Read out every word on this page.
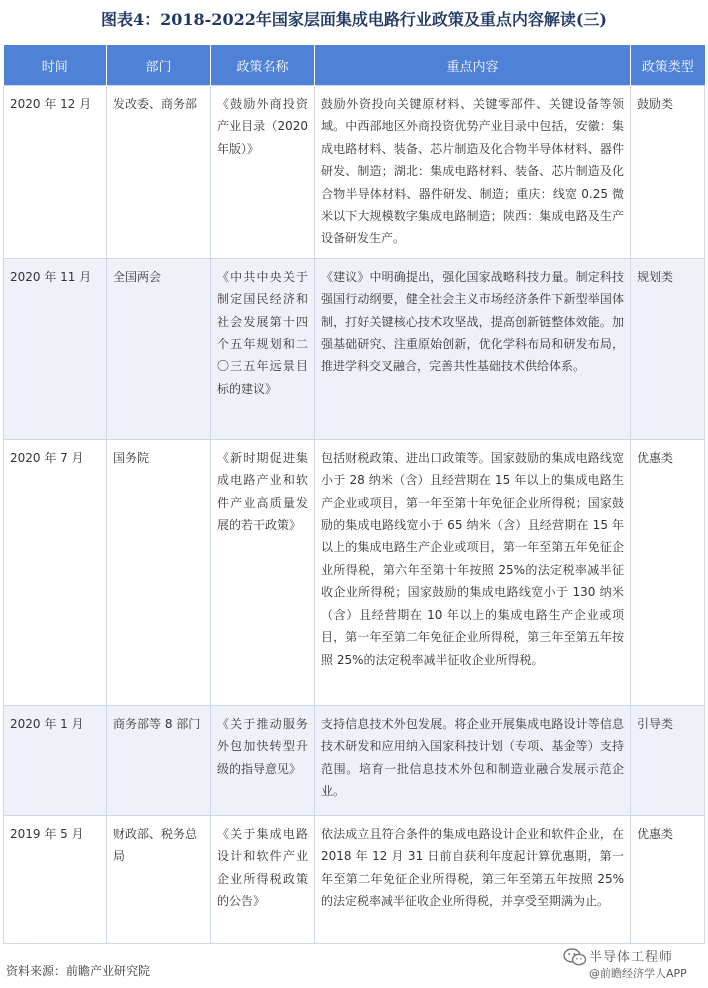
图表4：2018-2022年国家层面集成电路行业政策及重点内容解读(三)
时间	部门	政策名称	重点内容	政策类型
2020 年 12 月	发改委、商务部	《鼓励外商投资产业目录（2020 年版）》	鼓励外资投向关键原材料、关键零部件、关键设备等领域。中西部地区外商投资优势产业目录中包括，安徽：集成电路材料、装备、芯片制造及化合物半导体材料、器件研发、制造；湖北：集成电路材料、装备、芯片制造及化合物半导体材料、器件研发、制造；重庆：线宽 0.25 微米以下大规模数字集成电路制造；陕西：集成电路及生产设备研发生产。	鼓励类
2020 年 11 月	全国两会	《中共中央关于制定国民经济和社会发展第十四个五年规划和二〇三五年远景目标的建议》	《建议》中明确提出，强化国家战略科技力量。制定科技强国行动纲要，健全社会主义市场经济条件下新型举国体制，打好关键核心技术攻坚战，提高创新链整体效能。加强基础研究、注重原始创新，优化学科布局和研发布局，推进学科交叉融合，完善共性基础技术供给体系。	规划类
2020 年 7 月	国务院	《新时期促进集成电路产业和软件产业高质量发展的若干政策》	包括财税政策、进出口政策等。国家鼓励的集成电路线宽小于 28 纳米（含）且经营期在 15 年以上的集成电路生产企业或项目，第一年至第十年免征企业所得税；国家鼓励的集成电路线宽小于 65 纳米（含）且经营期在 15 年以上的集成电路生产企业或项目，第一年至第五年免征企业所得税，第六年至第十年按照 25%的法定税率减半征收企业所得税；国家鼓励的集成电路线宽小于 130 纳米（含）且经营期在 10 年以上的集成电路生产企业或项目，第一年至第二年免征企业所得税，第三年至第五年按照 25%的法定税率减半征收企业所得税。	优惠类
2020 年 1 月	商务部等 8 部门	《关于推动服务外包加快转型升级的指导意见》	支持信息技术外包发展。将企业开展集成电路设计等信息技术研发和应用纳入国家科技计划（专项、基金等）支持范围。培育一批信息技术外包和制造业融合发展示范企业。	引导类
2019 年 5 月	财政部、税务总局	《关于集成电路设计和软件产业企业所得税政策的公告》	依法成立且符合条件的集成电路设计企业和软件企业，在 2018 年 12 月 31 日前自获利年度起计算优惠期，第一年至第二年免征企业所得税，第三年至第五年按照 25%的法定税率减半征收企业所得税，并享受至期满为止。	优惠类
资料来源：前瞻产业研究院
半导体工程师
@前瞻经济学人APP
